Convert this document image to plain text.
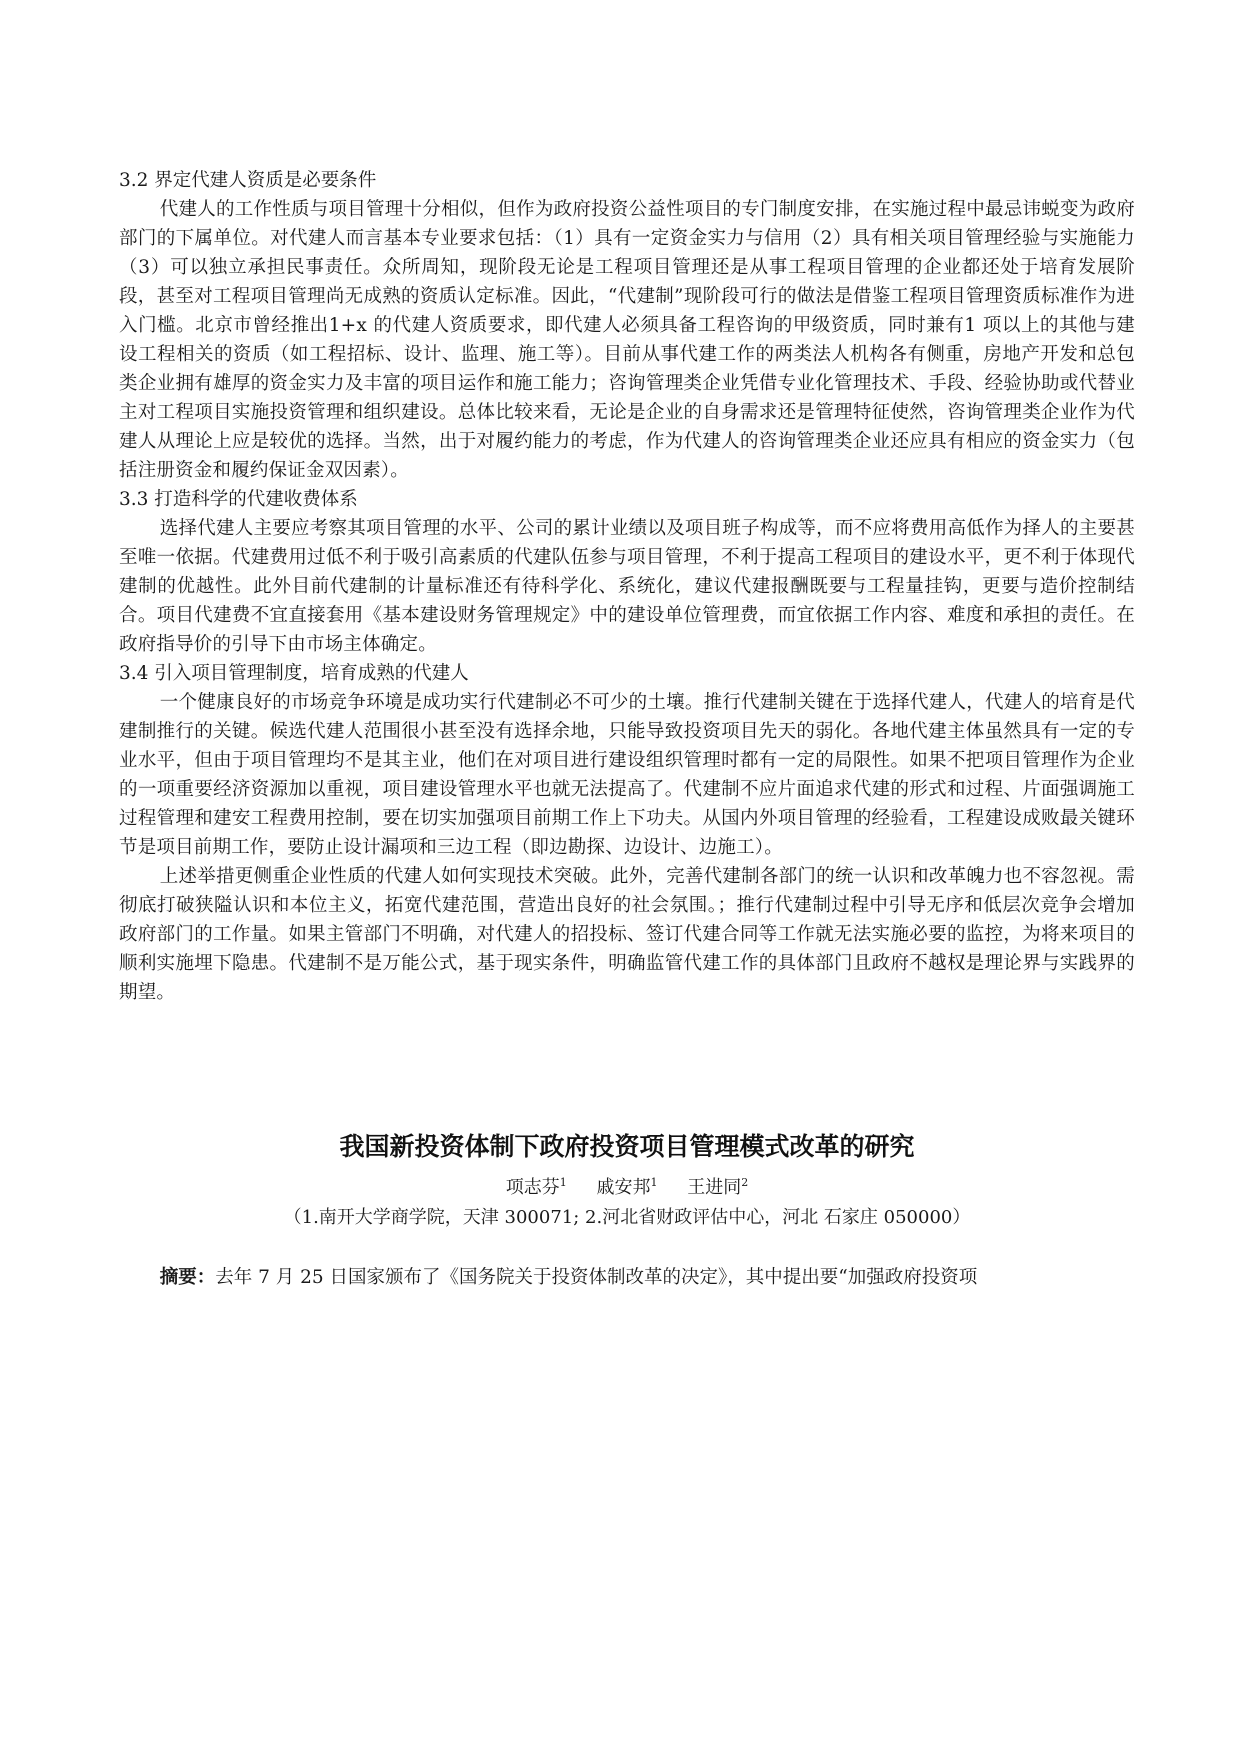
3.2 界定代建人资质是必要条件

代建人的工作性质与项目管理十分相似，但作为政府投资公益性项目的专门制度安排，在实施过程中最忌讳蜕变为政府部门的下属单位。对代建人而言基本专业要求包括：（1）具有一定资金实力与信用（2）具有相关项目管理经验与实施能力（3）可以独立承担民事责任。众所周知，现阶段无论是工程项目管理还是从事工程项目管理的企业都还处于培育发展阶段，甚至对工程项目管理尚无成熟的资质认定标准。因此，“代建制”现阶段可行的做法是借鉴工程项目管理资质标准作为进入门槛。北京市曾经推出1+x 的代建人资质要求，即代建人必须具备工程咨询的甲级资质，同时兼有1 项以上的其他与建设工程相关的资质（如工程招标、设计、监理、施工等）。目前从事代建工作的两类法人机构各有侧重，房地产开发和总包类企业拥有雄厚的资金实力及丰富的项目运作和施工能力；咨询管理类企业凭借专业化管理技术、手段、经验协助或代替业主对工程项目实施投资管理和组织建设。总体比较来看，无论是企业的自身需求还是管理特征使然，咨询管理类企业作为代建人从理论上应是较优的选择。当然，出于对履约能力的考虑，作为代建人的咨询管理类企业还应具有相应的资金实力（包括注册资金和履约保证金双因素）。

3.3 打造科学的代建收费体系

选择代建人主要应考察其项目管理的水平、公司的累计业绩以及项目班子构成等，而不应将费用高低作为择人的主要甚至唯一依据。代建费用过低不利于吸引高素质的代建队伍参与项目管理，不利于提高工程项目的建设水平，更不利于体现代建制的优越性。此外目前代建制的计量标准还有待科学化、系统化，建议代建报酬既要与工程量挂钩，更要与造价控制结合。项目代建费不宜直接套用《基本建设财务管理规定》中的建设单位管理费，而宜依据工作内容、难度和承担的责任。在政府指导价的引导下由市场主体确定。

3.4 引入项目管理制度，培育成熟的代建人

一个健康良好的市场竞争环境是成功实行代建制必不可少的土壤。推行代建制关键在于选择代建人，代建人的培育是代建制推行的关键。候选代建人范围很小甚至没有选择余地，只能导致投资项目先天的弱化。各地代建主体虽然具有一定的专业水平，但由于项目管理均不是其主业，他们在对项目进行建设组织管理时都有一定的局限性。如果不把项目管理作为企业的一项重要经济资源加以重视，项目建设管理水平也就无法提高了。代建制不应片面追求代建的形式和过程、片面强调施工过程管理和建安工程费用控制，要在切实加强项目前期工作上下功夫。从国内外项目管理的经验看，工程建设成败最关键环节是项目前期工作，要防止设计漏项和三边工程（即边勘探、边设计、边施工）。

上述举措更侧重企业性质的代建人如何实现技术突破。此外，完善代建制各部门的统一认识和改革魄力也不容忽视。需彻底打破狭隘认识和本位主义，拓宽代建范围，营造出良好的社会氛围。；推行代建制过程中引导无序和低层次竞争会增加政府部门的工作量。如果主管部门不明确，对代建人的招投标、签订代建合同等工作就无法实施必要的监控，为将来项目的顺利实施埋下隐患。代建制不是万能公式，基于现实条件，明确监管代建工作的具体部门且政府不越权是理论界与实践界的期望。

我国新投资体制下政府投资项目管理模式改革的研究

项志芬$^1$ 戚安邦$^1$ 王进同$^2$

（1.南开大学商学院，天津 300071; 2.河北省财政评估中心，河北 石家庄 050000）

摘要：去年 7 月 25 日国家颁布了《国务院关于投资体制改革的决定》，其中提出要“加强政府投资项
